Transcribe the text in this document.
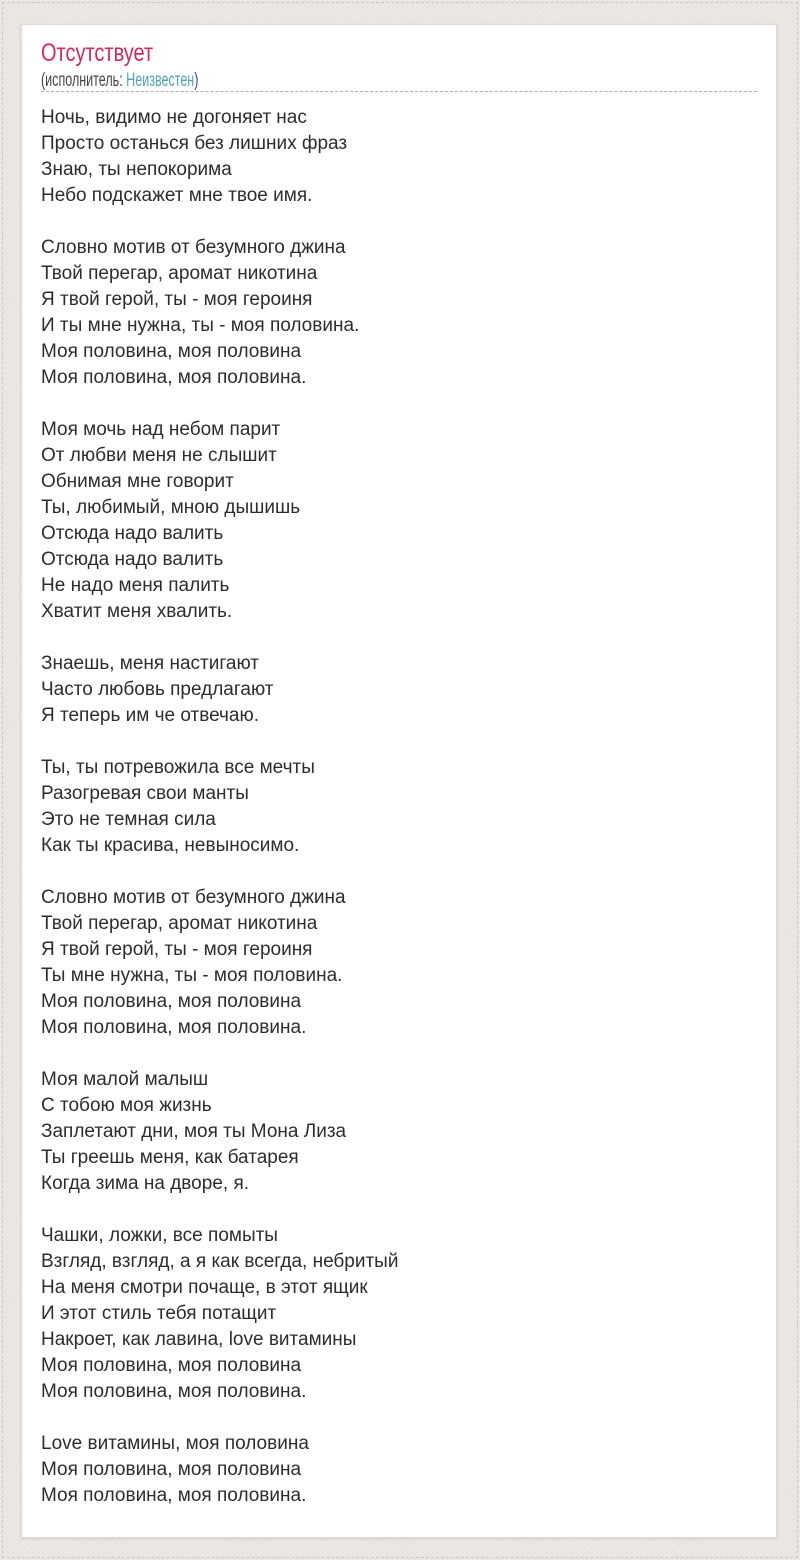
Отсутствует
(исполнитель: Неизвестен)

Ночь, видимо не догоняет нас
Просто останься без лишних фраз
Знаю, ты непокорима
Небо подскажет мне твое имя.

Словно мотив от безумного джина
Твой перегар, аромат никотина
Я твой герой, ты - моя героиня
И ты мне нужна, ты - моя половина.
Моя половина, моя половина
Моя половина, моя половина.

Моя мочь над небом парит
От любви меня не слышит
Обнимая мне говорит
Ты, любимый, мною дышишь
Отсюда надо валить
Отсюда надо валить
Не надо меня палить
Хватит меня хвалить.

Знаешь, меня настигают
Часто любовь предлагают
Я теперь им че отвечаю.

Ты, ты потревожила все мечты
Разогревая свои манты
Это не темная сила
Как ты красива, невыносимо.

Словно мотив от безумного джина
Твой перегар, аромат никотина
Я твой герой, ты - моя героиня
Ты мне нужна, ты - моя половина.
Моя половина, моя половина
Моя половина, моя половина.

Моя малой малыш
С тобою моя жизнь
Заплетают дни, моя ты Мона Лиза
Ты греешь меня, как батарея
Когда зима на дворе, я.

Чашки, ложки, все помыты
Взгляд, взгляд, а я как всегда, небритый
На меня смотри почаще, в этот ящик
И этот стиль тебя потащит
Накроет, как лавина, love витамины
Моя половина, моя половина
Моя половина, моя половина.

Love витамины, моя половина
Моя половина, моя половина
Моя половина, моя половина.
